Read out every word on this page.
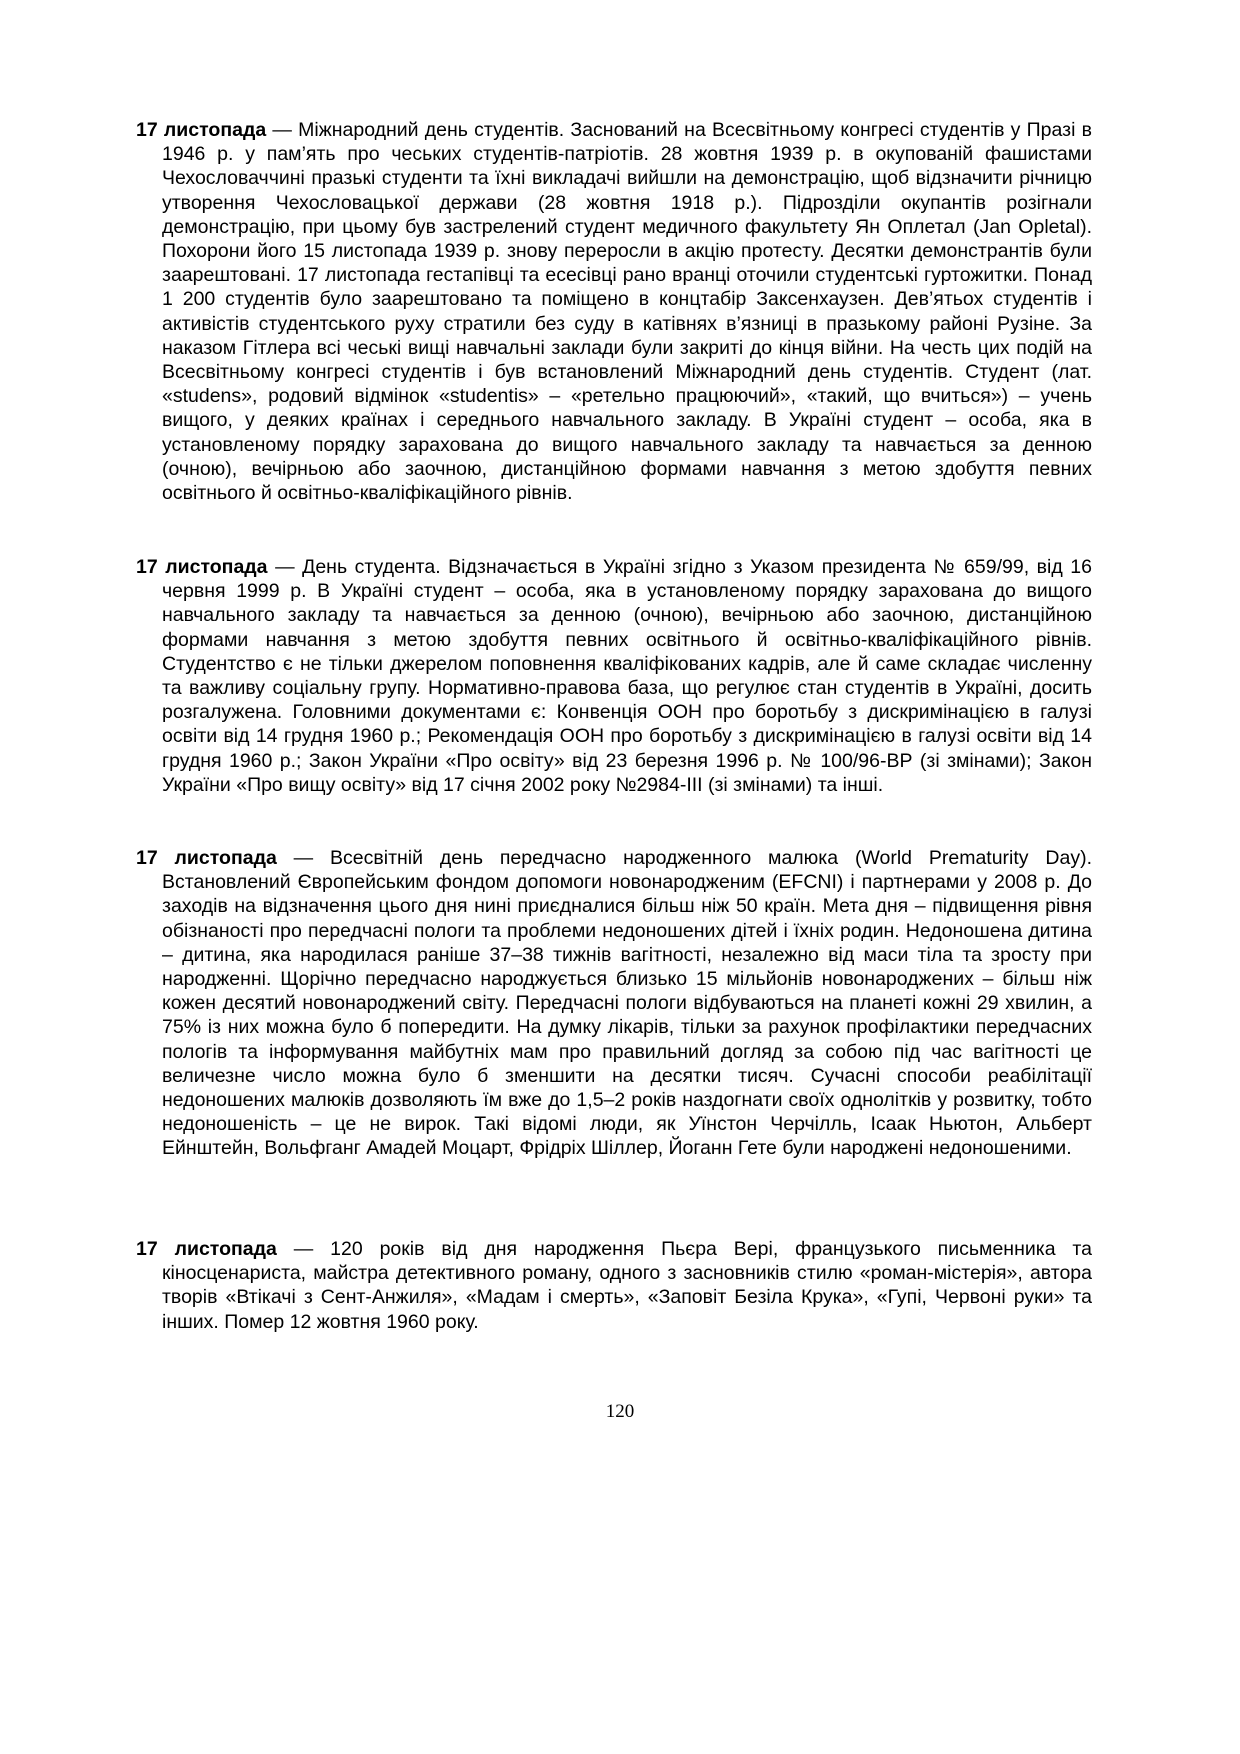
17 листопада — Міжнародний день студентів. Заснований на Всесвітньому конгресі студентів у Празі в 1946 р. у пам’ять про чеських студентів-патріотів. 28 жовтня 1939 р. в окупованій фашистами Чехословаччині празькі студенти та їхні викладачі вийшли на демонстрацію, щоб відзначити річницю утворення Чехословацької держави (28 жовтня 1918 р.). Підрозділи окупантів розігнали демонстрацію, при цьому був застрелений студент медичного факультету Ян Оплетал (Jan Opletal). Похорони його 15 листопада 1939 р. знову переросли в акцію протесту. Десятки демонстрантів були заарештовані. 17 листопада гестапівці та есесівці рано вранці оточили студентські гуртожитки. Понад 1 200 студентів було заарештовано та поміщено в концтабір Заксенхаузен. Дев’ятьох студентів і активістів студентського руху стратили без суду в катівнях в’язниці в празькому районі Рузіне. За наказом Гітлера всі чеські вищі навчальні заклади були закриті до кінця війни. На честь цих подій на Всесвітньому конгресі студентів і був встановлений Міжнародний день студентів. Студент (лат. «studens», родовий відмінок «studentis» – «ретельно працюючий», «такий, що вчиться») – учень вищого, у деяких країнах і середнього навчального закладу. В Україні студент – особа, яка в установленому порядку зарахована до вищого навчального закладу та навчається за денною (очною), вечірньою або заочною, дистанційною формами навчання з метою здобуття певних освітнього й освітньо-кваліфікаційного рівнів.

17 листопада — День студента. Відзначається в Україні згідно з Указом президента № 659/99, від 16 червня 1999 р. В Україні студент – особа, яка в установленому порядку зарахована до вищого навчального закладу та навчається за денною (очною), вечірньою або заочною, дистанційною формами навчання з метою здобуття певних освітнього й освітньо-кваліфікаційного рівнів. Студентство є не тільки джерелом поповнення кваліфікованих кадрів, але й саме складає численну та важливу соціальну групу. Нормативно-правова база, що регулює стан студентів в Україні, досить розгалужена. Головними документами є: Конвенція ООН про боротьбу з дискримінацією в галузі освіти від 14 грудня 1960 р.; Рекомендація ООН про боротьбу з дискримінацією в галузі освіти від 14 грудня 1960 р.; Закон України «Про освіту» від 23 березня 1996 р. № 100/96-ВР (зі змінами); Закон України «Про вищу освіту» від 17 січня 2002 року №2984-III (зі змінами) та інші.

17 листопада — Всесвітній день передчасно народженного малюка (World Prematurity Day). Встановлений Європейським фондом допомоги новонародженим (EFCNI) і партнерами у 2008 р. До заходів на відзначення цього дня нині приєдналися більш ніж 50 країн. Мета дня – підвищення рівня обізнаності про передчасні пологи та проблеми недоношених дітей і їхніх родин. Недоношена дитина – дитина, яка народилася раніше 37–38 тижнів вагітності, незалежно від маси тіла та зросту при народженні. Щорічно передчасно народжується близько 15 мільйонів новонароджених – більш ніж кожен десятий новонароджений світу. Передчасні пологи відбуваються на планеті кожні 29 хвилин, а 75% із них можна було б попередити. На думку лікарів, тільки за рахунок профілактики передчасних пологів та інформування майбутніх мам про правильний догляд за собою під час вагітності це величезне число можна було б зменшити на десятки тисяч. Сучасні способи реабілітації недоношених малюків дозволяють їм вже до 1,5–2 років наздогнати своїх однолітків у розвитку, тобто недоношеність – це не вирок. Такі відомі люди, як Уїнстон Черчілль, Ісаак Ньютон, Альберт Ейнштейн, Вольфганг Амадей Моцарт, Фрідріх Шіллер, Йоганн Гете були народжені недоношеними.

17 листопада — 120 років від дня народження Пьєра Вері, французького письменника та кіносценариста, майстра детективного роману, одного з засновників стилю «роман-містерія», автора творів «Втікачі з Сент-Анжиля», «Мадам і смерть», «Заповіт Безіла Крука», «Гупі, Червоні руки» та інших. Помер 12 жовтня 1960 року.

120
